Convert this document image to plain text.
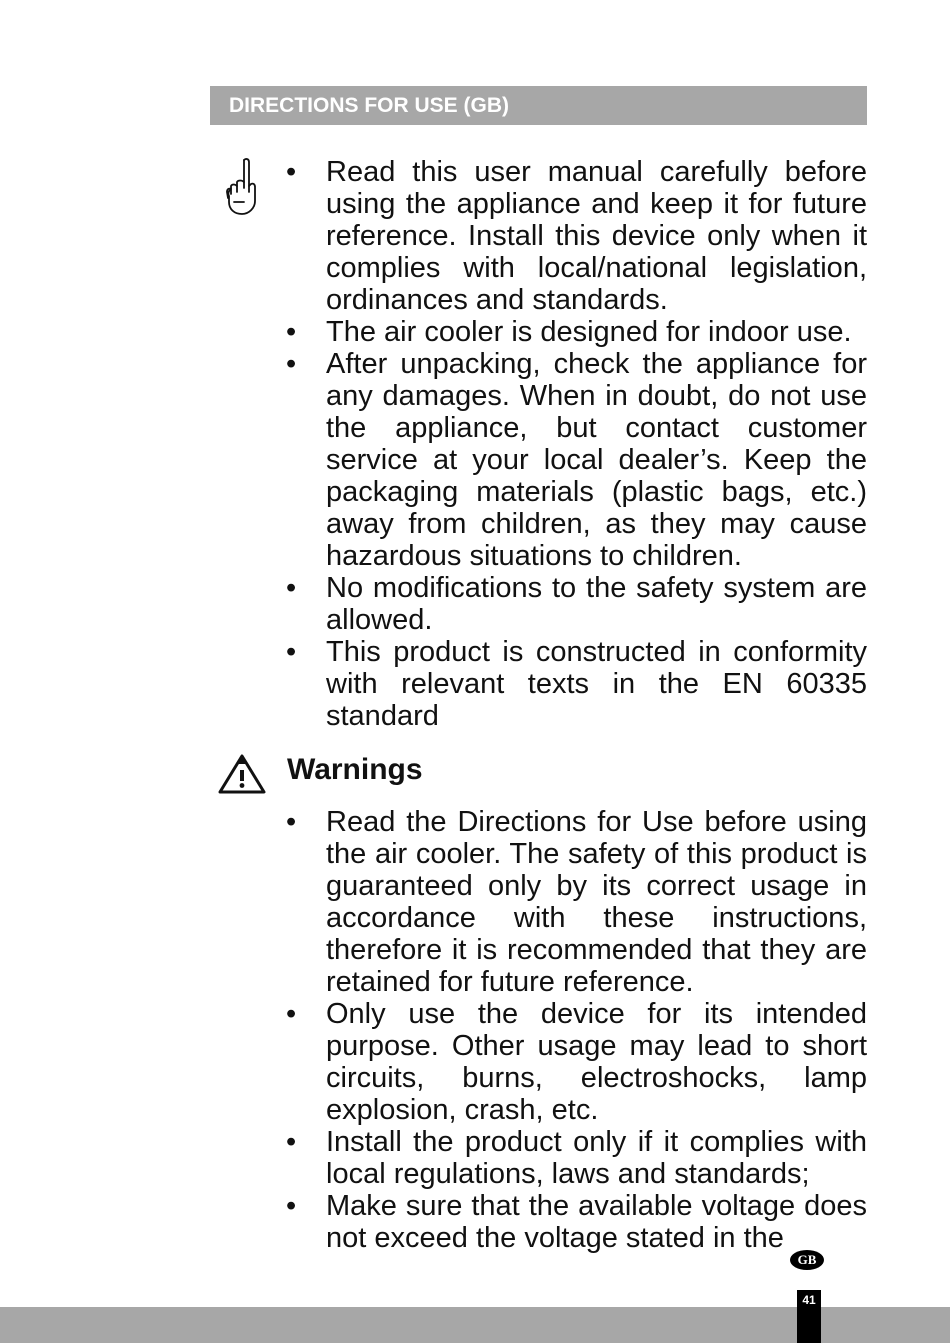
DIRECTIONS FOR USE (GB)
• Read this user manual carefully before using the appliance and keep it for future reference. Install this device only when it complies with local/national legislation, ordinances and standards.
• The air cooler is designed for indoor use.
• After unpacking, check the appliance for any damages. When in doubt, do not use the appliance, but contact customer service at your local dealer’s. Keep the packaging materials (plastic bags, etc.) away from children, as they may cause hazardous situations to children.
• No modifications to the safety system are allowed.
• This product is constructed in conformity with relevant texts in the EN 60335 standard
Warnings
• Read the Directions for Use before using the air cooler. The safety of this product is guaranteed only by its correct usage in accordance with these instructions, therefore it is recommended that they are retained for future reference.
• Only use the device for its intended purpose. Other usage may lead to short circuits, burns, electroshocks, lamp explosion, crash, etc.
• Install the product only if it complies with local regulations, laws and standards;
• Make sure that the available voltage does not exceed the voltage stated in the
GB
41
